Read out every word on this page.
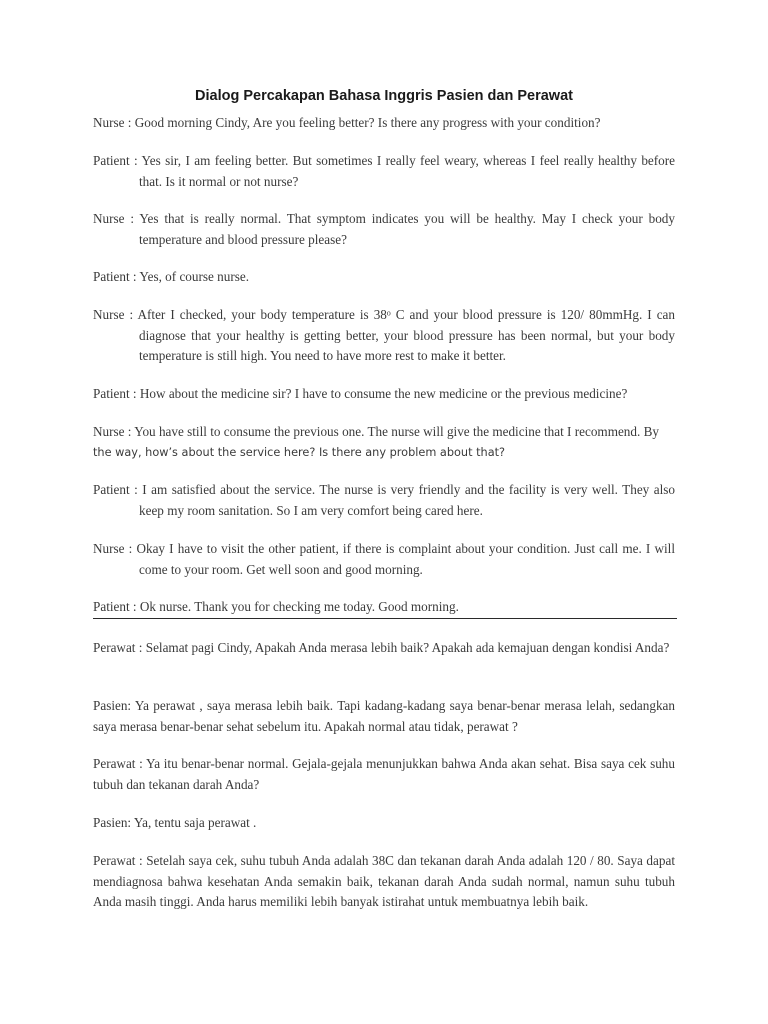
Dialog Percakapan Bahasa Inggris Pasien dan Perawat
Nurse : Good morning Cindy, Are you feeling better? Is there any progress with your condition?
Patient : Yes sir, I am feeling better. But sometimes I really feel weary, whereas I feel really healthy before that. Is it normal or not nurse?
Nurse : Yes that is really normal. That symptom indicates you will be healthy. May I check your body temperature and blood pressure please?
Patient : Yes, of course nurse.
Nurse : After I checked, your body temperature is 38ᵒ C and your blood pressure is 120/ 80mmHg. I can diagnose that your healthy is getting better, your blood pressure has been normal, but your body temperature is still high. You need to have more rest to make it better.
Patient : How about the medicine sir? I have to consume the new medicine or the previous medicine?
Nurse : You have still to consume the previous one. The nurse will give the medicine that I recommend. By
the way, how’s about the service here? Is there any problem about that?
Patient : I am satisfied about the service. The nurse is very friendly and the facility is very well. They also keep my room sanitation. So I am very comfort being cared here.
Nurse : Okay I have to visit the other patient, if there is complaint about your condition. Just call me. I will come to your room. Get well soon and good morning.
Patient : Ok nurse. Thank you for checking me today. Good morning.
Perawat : Selamat pagi Cindy, Apakah Anda merasa lebih baik? Apakah ada kemajuan dengan kondisi Anda?
Pasien: Ya perawat , saya merasa lebih baik. Tapi kadang-kadang saya benar-benar merasa lelah, sedangkan saya merasa benar-benar sehat sebelum itu. Apakah normal atau tidak, perawat ?
Perawat : Ya itu benar-benar normal. Gejala-gejala menunjukkan bahwa Anda akan sehat. Bisa saya cek suhu tubuh dan tekanan darah Anda?
Pasien: Ya, tentu saja perawat .
Perawat : Setelah saya cek, suhu tubuh Anda adalah 38C dan tekanan darah Anda adalah 120 / 80. Saya dapat mendiagnosa bahwa kesehatan Anda semakin baik, tekanan darah Anda sudah normal, namun suhu tubuh Anda masih tinggi. Anda harus memiliki lebih banyak istirahat untuk membuatnya lebih baik.
